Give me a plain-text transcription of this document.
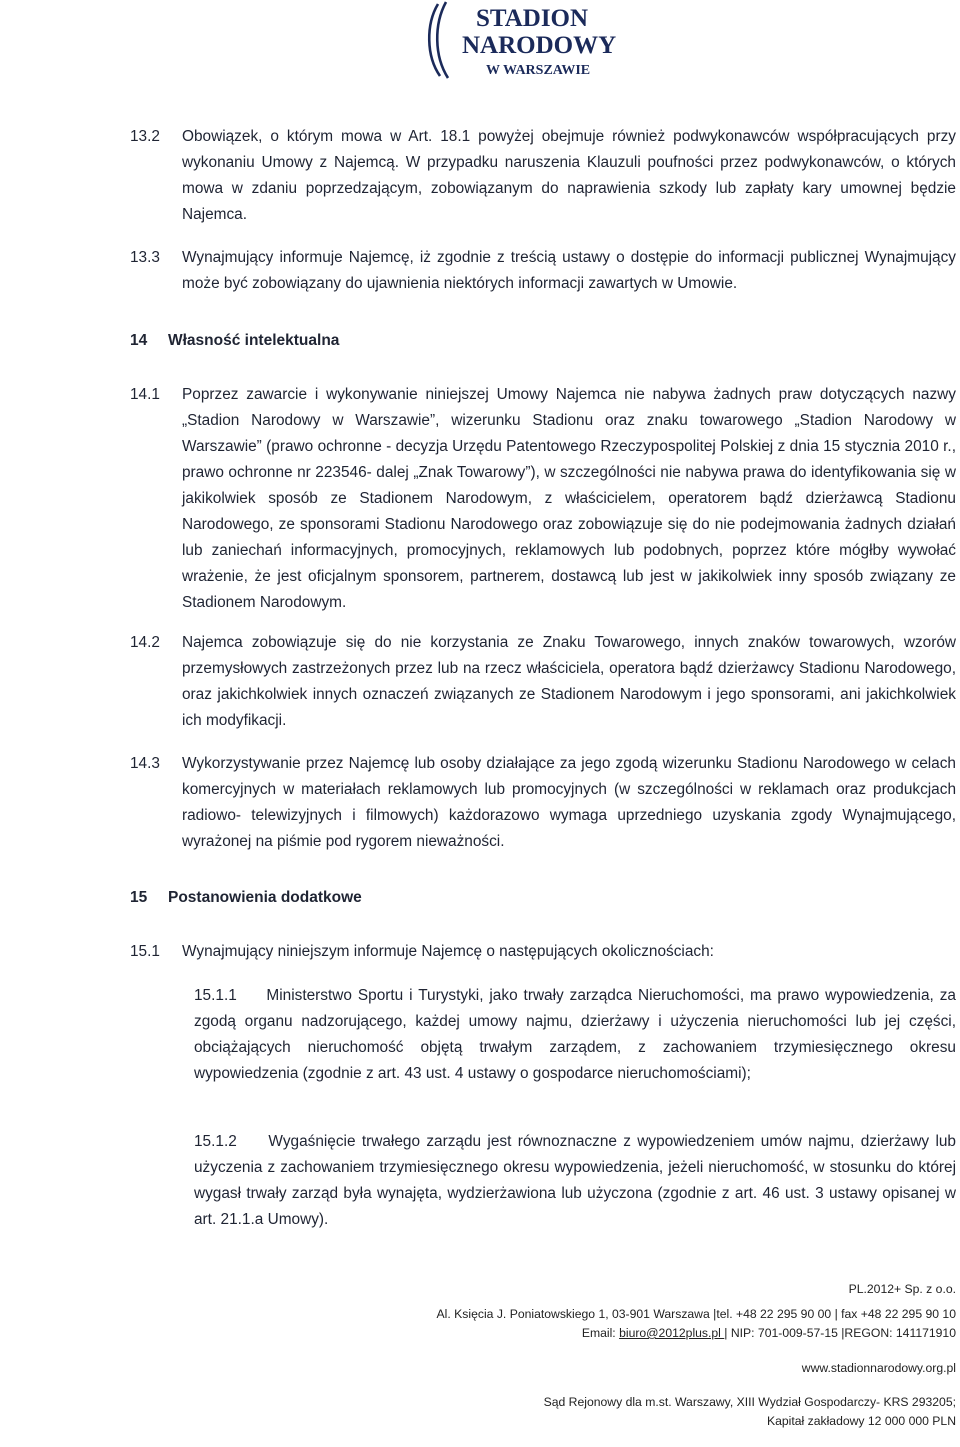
STADION
NARODOWY
W WARSZAWIE
13.2 Obowiązek, o którym mowa w Art. 18.1 powyżej obejmuje również podwykonawców współpracujących przy wykonaniu Umowy z Najemcą. W przypadku naruszenia Klauzuli poufności przez podwykonawców, o których mowa w zdaniu poprzedzającym, zobowiązanym do naprawienia szkody lub zapłaty kary umownej będzie Najemca.
13.3 Wynajmujący informuje Najemcę, iż zgodnie z treścią ustawy o dostępie do informacji publicznej Wynajmujący może być zobowiązany do ujawnienia niektórych informacji zawartych w Umowie.
14 Własność intelektualna
14.1 Poprzez zawarcie i wykonywanie niniejszej Umowy Najemca nie nabywa żadnych praw dotyczących nazwy „Stadion Narodowy w Warszawie”, wizerunku Stadionu oraz znaku towarowego „Stadion Narodowy w Warszawie” (prawo ochronne - decyzja Urzędu Patentowego Rzeczypospolitej Polskiej z dnia 15 stycznia 2010 r., prawo ochronne nr 223546- dalej „Znak Towarowy”), w szczególności nie nabywa prawa do identyfikowania się w jakikolwiek sposób ze Stadionem Narodowym, z właścicielem, operatorem bądź dzierżawcą Stadionu Narodowego, ze sponsorami Stadionu Narodowego oraz zobowiązuje się do nie podejmowania żadnych działań lub zaniechań informacyjnych, promocyjnych, reklamowych lub podobnych, poprzez które mógłby wywołać wrażenie, że jest oficjalnym sponsorem, partnerem, dostawcą lub jest w jakikolwiek inny sposób związany ze Stadionem Narodowym.
14.2 Najemca zobowiązuje się do nie korzystania ze Znaku Towarowego, innych znaków towarowych, wzorów przemysłowych zastrzeżonych przez lub na rzecz właściciela, operatora bądź dzierżawcy Stadionu Narodowego, oraz jakichkolwiek innych oznaczeń związanych ze Stadionem Narodowym i jego sponsorami, ani jakichkolwiek ich modyfikacji.
14.3 Wykorzystywanie przez Najemcę lub osoby działające za jego zgodą wizerunku Stadionu Narodowego w celach komercyjnych w materiałach reklamowych lub promocyjnych (w szczególności w reklamach oraz produkcjach radiowo- telewizyjnych i filmowych) każdorazowo wymaga uprzedniego uzyskania zgody Wynajmującego, wyrażonej na piśmie pod rygorem nieważności.
15 Postanowienia dodatkowe
15.1 Wynajmujący niniejszym informuje Najemcę o następujących okolicznościach:
15.1.1 Ministerstwo Sportu i Turystyki, jako trwały zarządca Nieruchomości, ma prawo wypowiedzenia, za zgodą organu nadzorującego, każdej umowy najmu, dzierżawy i użyczenia nieruchomości lub jej części, obciążających nieruchomość objętą trwałym zarządem, z zachowaniem trzymiesięcznego okresu wypowiedzenia (zgodnie z art. 43 ust. 4 ustawy o gospodarce nieruchomościami);
15.1.2 Wygaśnięcie trwałego zarządu jest równoznaczne z wypowiedzeniem umów najmu, dzierżawy lub użyczenia z zachowaniem trzymiesięcznego okresu wypowiedzenia, jeżeli nieruchomość, w stosunku do której wygasł trwały zarząd była wynajęta, wydzierżawiona lub użyczona (zgodnie z art. 46 ust. 3 ustawy opisanej w art. 21.1.a Umowy).
PL.2012+ Sp. z o.o.
Al. Księcia J. Poniatowskiego 1, 03-901 Warszawa |tel. +48 22 295 90 00 | fax +48 22 295 90 10
Email: biuro@2012plus.pl | NIP: 701-009-57-15 |REGON: 141171910
www.stadionnarodowy.org.pl
Sąd Rejonowy dla m.st. Warszawy, XIII Wydział Gospodarczy- KRS 293205;
Kapitał zakładowy 12 000 000 PLN
